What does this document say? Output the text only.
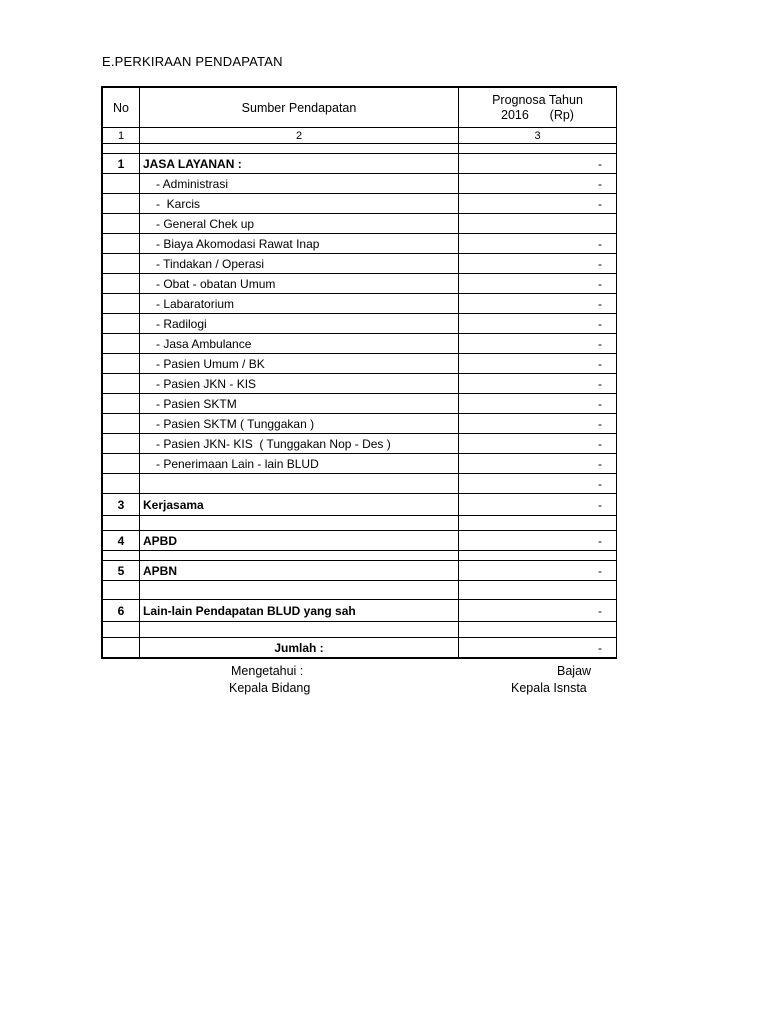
E.PERKIRAAN PENDAPATAN
No	Sumber Pendapatan	Prognosa Tahun
2016      (Rp)

1	2	3

1	JASA LAYANAN :	-
	- Administrasi	-
	-  Karcis	-
	- General Chek up	
	- Biaya Akomodasi Rawat Inap	-
	- Tindakan / Operasi	-
	- Obat - obatan Umum	-
	- Labaratorium	-
	- Radilogi	-
	- Jasa Ambulance	-
	- Pasien Umum / BK	-
	- Pasien JKN - KIS	-
	- Pasien SKTM	-
	- Pasien SKTM ( Tunggakan )	-
	- Pasien JKN- KIS  ( Tunggakan Nop - Des )	-
	- Penerimaan Lain - lain BLUD	-
		-
3	Kerjasama	-

4	APBD	-

5	APBN	-

6	Lain-lain Pendapatan BLUD yang sah	-

	Jumlah :	-
Mengetahui :
Kepala Bidang
Bajaw
Kepala Isnsta
